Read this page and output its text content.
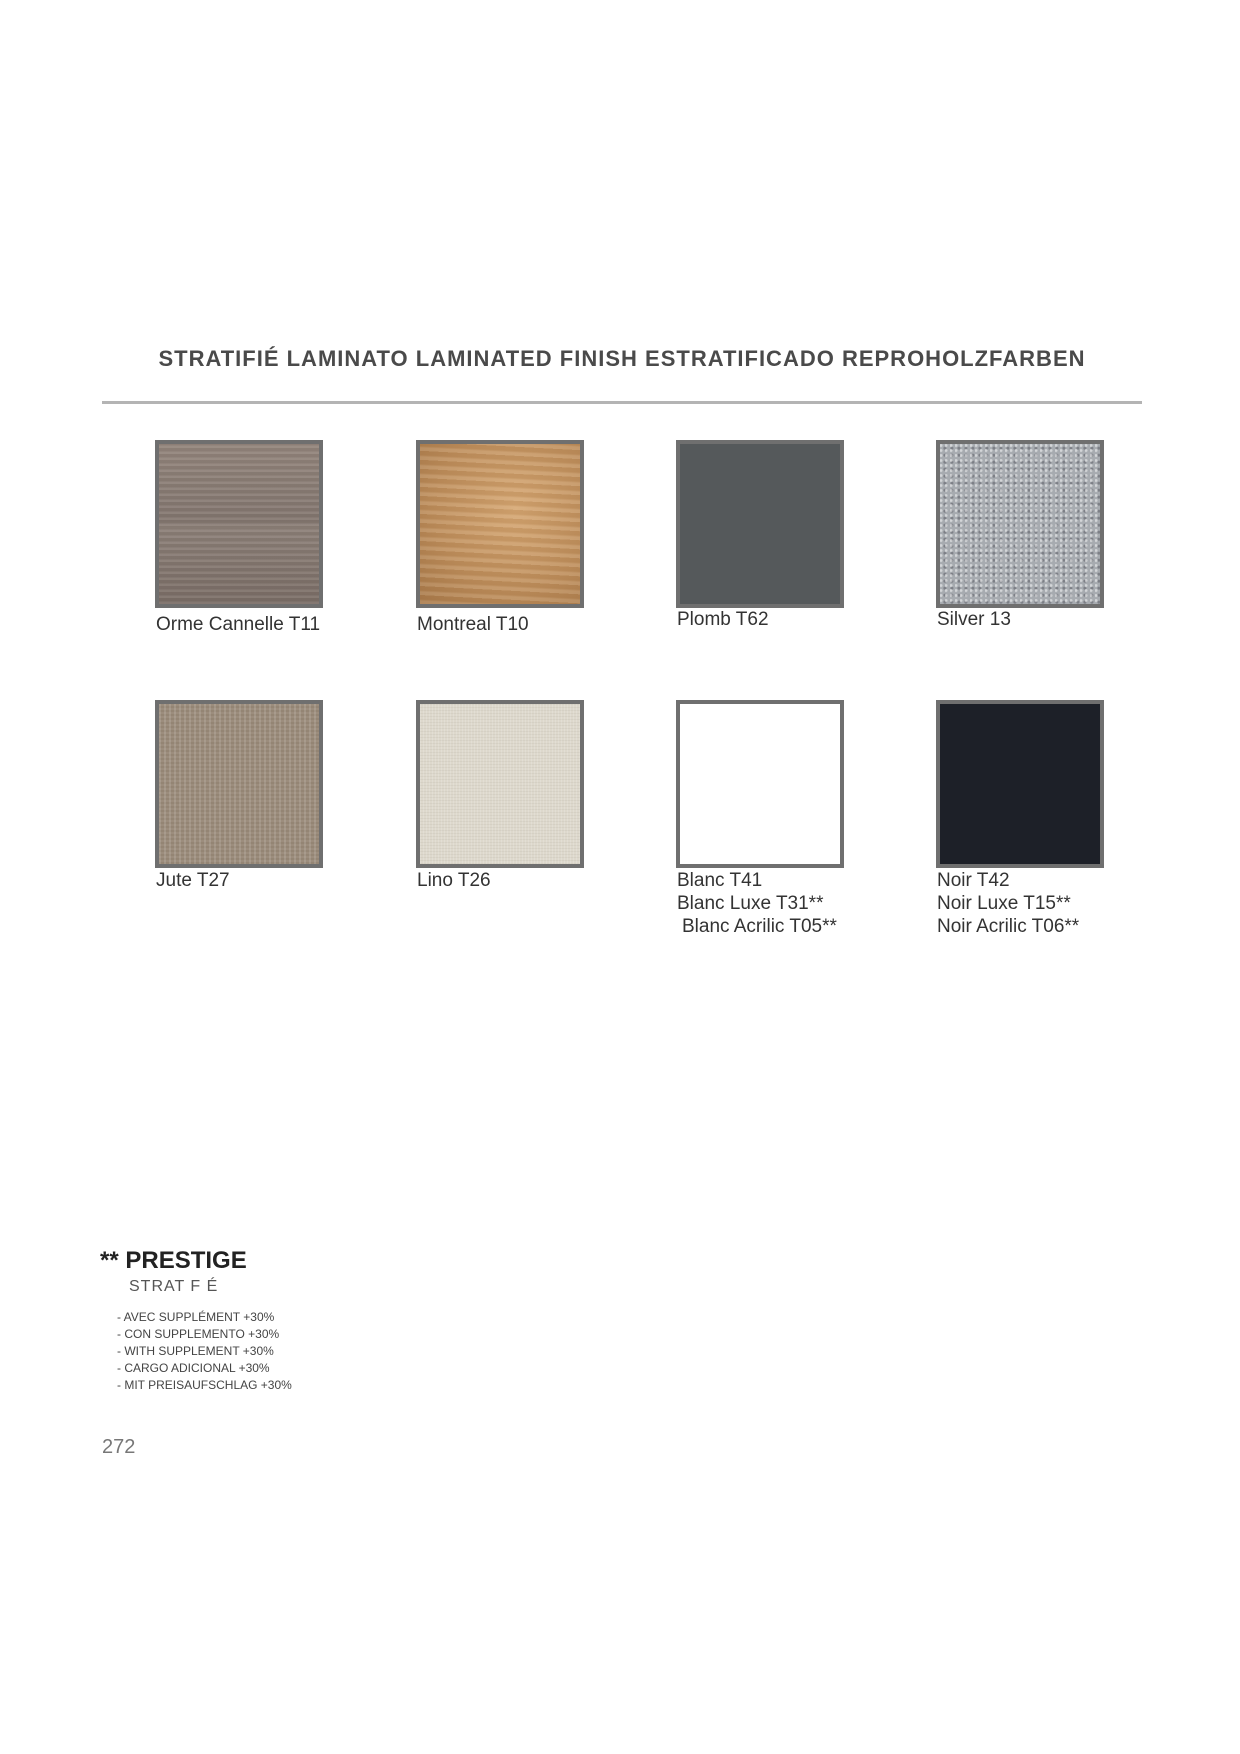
STRATIFIÉ LAMINATO LAMINATED FINISH ESTRATIFICADO REPROHOLZFARBEN
Orme Cannelle T11	Montreal T10	Plomb T62	Silver 13
Jute T27	Lino T26	Blanc T41
Blanc Luxe T31**
Blanc Acrilic T05**
Noir T42
Noir Luxe T15**
Noir Acrilic T06**
** PRESTIGE
STRAT F É
- AVEC SUPPLÉMENT +30%
- CON SUPPLEMENTO +30%
- WITH SUPPLEMENT +30%
- CARGO ADICIONAL +30%
- MIT PREISAUFSCHLAG +30%
272
